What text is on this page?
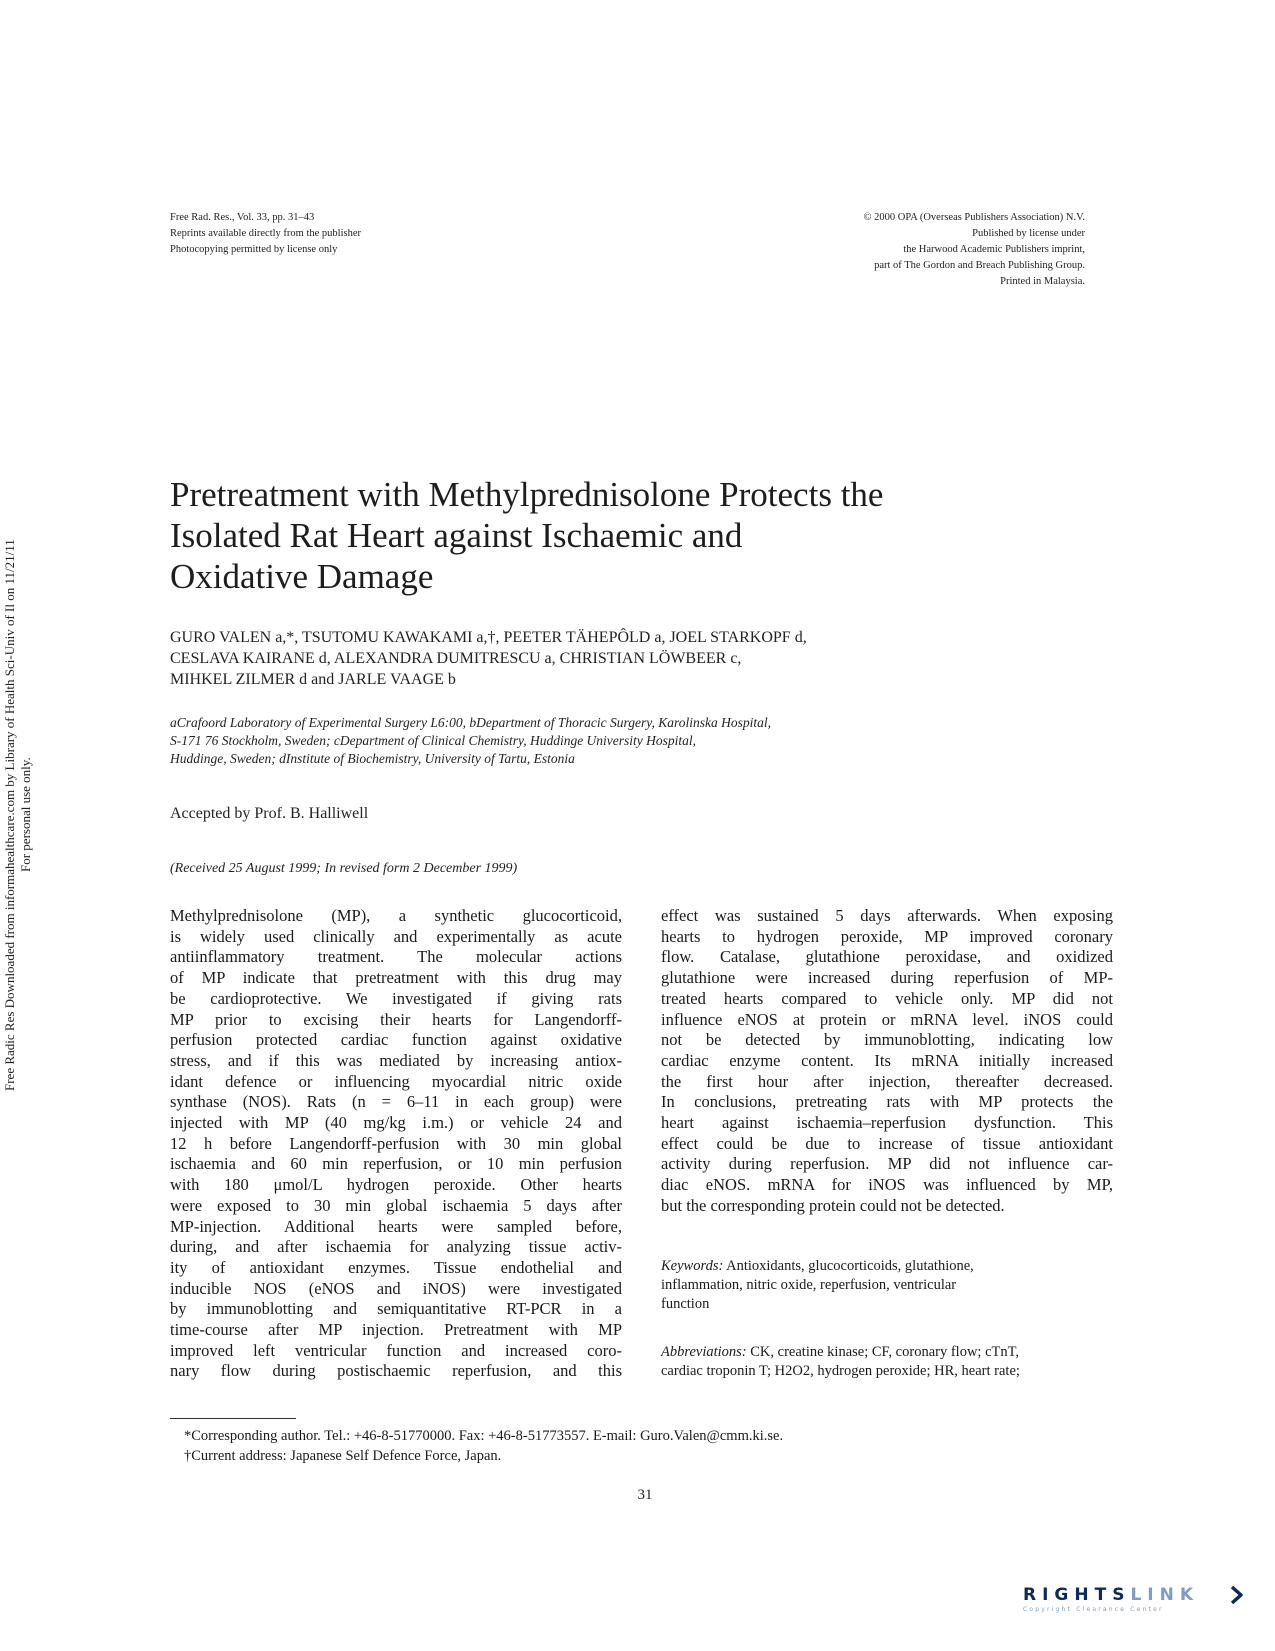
Free Rad. Res., Vol. 33, pp. 31–43
Reprints available directly from the publisher
Photocopying permitted by license only
© 2000 OPA (Overseas Publishers Association) N.V.
Published by license under
the Harwood Academic Publishers imprint,
part of The Gordon and Breach Publishing Group.
Printed in Malaysia.
Free Radic Res Downloaded from informahealthcare.com by Library of Health Sci-Univ of Il on 11/21/11 For personal use only.
Pretreatment with Methylprednisolone Protects the
Isolated Rat Heart against Ischaemic and
Oxidative Damage
GURO VALEN a,*, TSUTOMU KAWAKAMI a,†, PEETER TÄHEPÔLD a, JOEL STARKOPF d,
CESLAVA KAIRANE d, ALEXANDRA DUMITRESCU a, CHRISTIAN LÖWBEER c,
MIHKEL ZILMER d and JARLE VAAGE b
aCrafoord Laboratory of Experimental Surgery L6:00, bDepartment of Thoracic Surgery, Karolinska Hospital,
S-171 76 Stockholm, Sweden; cDepartment of Clinical Chemistry, Huddinge University Hospital,
Huddinge, Sweden; dInstitute of Biochemistry, University of Tartu, Estonia
Accepted by Prof. B. Halliwell
(Received 25 August 1999; In revised form 2 December 1999)
Methylprednisolone (MP), a synthetic glucocorticoid,
is widely used clinically and experimentally as acute
antiinflammatory treatment. The molecular actions
of MP indicate that pretreatment with this drug may
be cardioprotective. We investigated if giving rats
MP prior to excising their hearts for Langendorff-
perfusion protected cardiac function against oxidative
stress, and if this was mediated by increasing antiox-
idant defence or influencing myocardial nitric oxide
synthase (NOS). Rats (n = 6–11 in each group) were
injected with MP (40 mg/kg i.m.) or vehicle 24 and
12 h before Langendorff-perfusion with 30 min global
ischaemia and 60 min reperfusion, or 10 min perfusion
with 180 μmol/L hydrogen peroxide. Other hearts
were exposed to 30 min global ischaemia 5 days after
MP-injection. Additional hearts were sampled before,
during, and after ischaemia for analyzing tissue activ-
ity of antioxidant enzymes. Tissue endothelial and
inducible NOS (eNOS and iNOS) were investigated
by immunoblotting and semiquantitative RT-PCR in a
time-course after MP injection. Pretreatment with MP
improved left ventricular function and increased coro-
nary flow during postischaemic reperfusion, and this
effect was sustained 5 days afterwards. When exposing
hearts to hydrogen peroxide, MP improved coronary
flow. Catalase, glutathione peroxidase, and oxidized
glutathione were increased during reperfusion of MP-
treated hearts compared to vehicle only. MP did not
influence eNOS at protein or mRNA level. iNOS could
not be detected by immunoblotting, indicating low
cardiac enzyme content. Its mRNA initially increased
the first hour after injection, thereafter decreased.
In conclusions, pretreating rats with MP protects the
heart against ischaemia–reperfusion dysfunction. This
effect could be due to increase of tissue antioxidant
activity during reperfusion. MP did not influence car-
diac eNOS. mRNA for iNOS was influenced by MP,
but the corresponding protein could not be detected.
Keywords: Antioxidants, glucocorticoids, glutathione,
inflammation, nitric oxide, reperfusion, ventricular
function
Abbreviations: CK, creatine kinase; CF, coronary flow; cTnT,
cardiac troponin T; H2O2, hydrogen peroxide; HR, heart rate;
*Corresponding author. Tel.: +46-8-51770000. Fax: +46-8-51773557. E-mail: Guro.Valen@cmm.ki.se.
†Current address: Japanese Self Defence Force, Japan.
31
RIGHTSLINK
Copyright Clearance Center
